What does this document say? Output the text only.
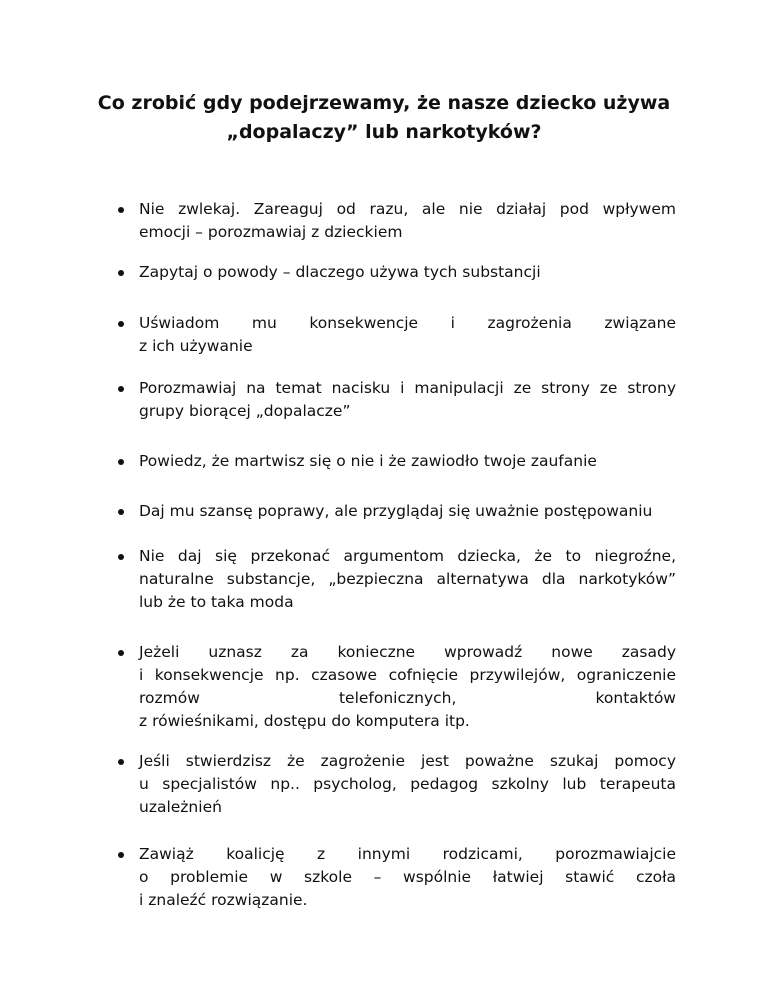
Co zrobić gdy podejrzewamy, że nasze dziecko używa
„dopalaczy” lub narkotyków?
Nie zwlekaj. Zareaguj od razu, ale nie działaj pod wpływem
emocji – porozmawiaj z dzieckiem
Zapytaj o powody – dlaczego używa tych substancji
Uświadom mu konsekwencje i zagrożenia związane
z ich używanie
Porozmawiaj na temat nacisku i manipulacji ze strony ze strony
grupy biorącej „dopalacze”
Powiedz, że martwisz się o nie i że zawiodło twoje zaufanie
Daj mu szansę poprawy, ale przyglądaj się uważnie postępowaniu
Nie daj się przekonać argumentom dziecka, że to niegroźne,
naturalne substancje, „bezpieczna alternatywa dla narkotyków”
lub że to taka moda
Jeżeli uznasz za konieczne wprowadź nowe zasady
i konsekwencje np. czasowe cofnięcie przywilejów, ograniczenie
rozmów telefonicznych, kontaktów
z rówieśnikami, dostępu do komputera itp.
Jeśli stwierdzisz że zagrożenie jest poważne szukaj pomocy
u specjalistów np.. psycholog, pedagog szkolny lub terapeuta
uzależnień
Zawiąż koalicję z innymi rodzicami, porozmawiajcie
o problemie w szkole – wspólnie łatwiej stawić czoła
i znaleźć rozwiązanie.
